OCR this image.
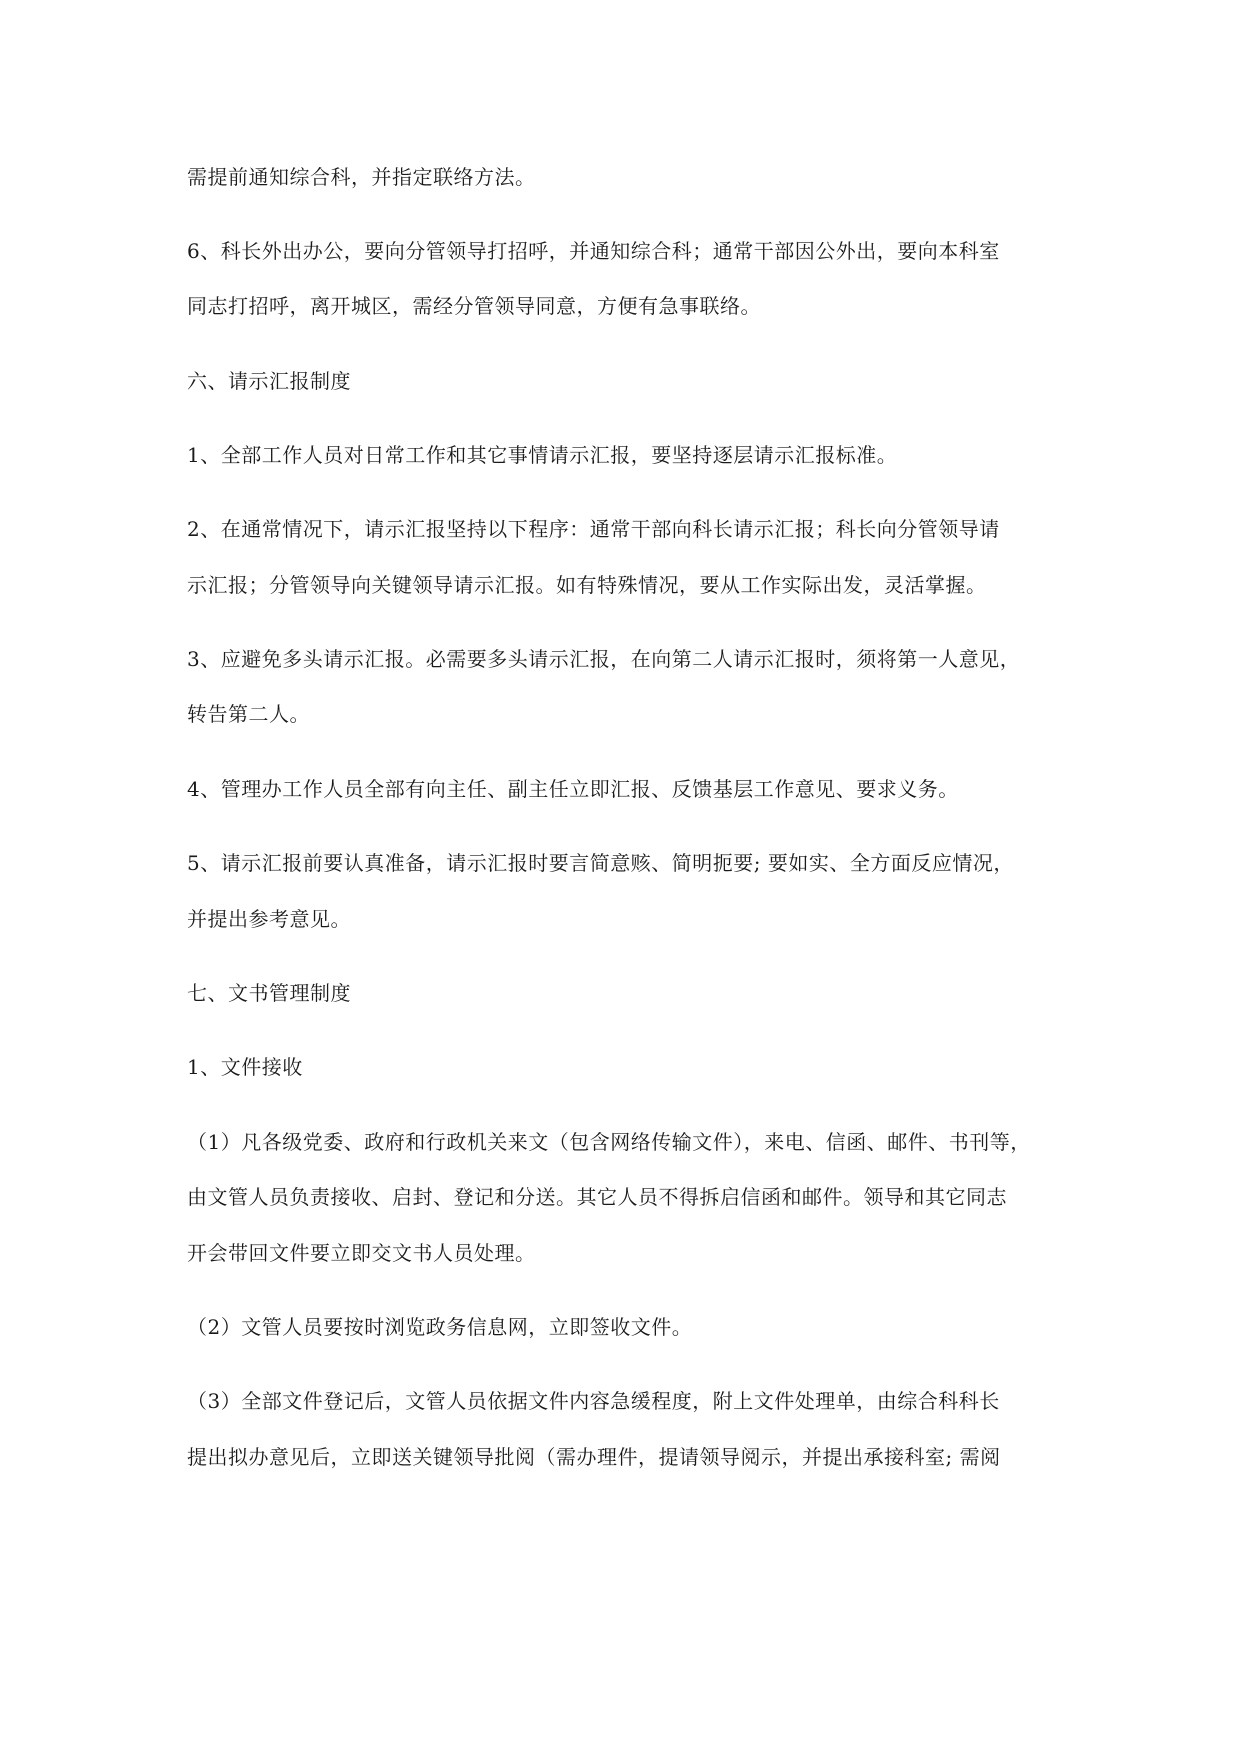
需提前通知综合科，并指定联络方法。
6、科长外出办公，要向分管领导打招呼，并通知综合科；通常干部因公外出，要向本科室
同志打招呼，离开城区，需经分管领导同意，方便有急事联络。
六、请示汇报制度
1、全部工作人员对日常工作和其它事情请示汇报，要坚持逐层请示汇报标准。
2、在通常情况下，请示汇报坚持以下程序：通常干部向科长请示汇报；科长向分管领导请
示汇报；分管领导向关键领导请示汇报。如有特殊情况，要从工作实际出发，灵活掌握。
3、应避免多头请示汇报。必需要多头请示汇报，在向第二人请示汇报时，须将第一人意见，
转告第二人。
4、管理办工作人员全部有向主任、副主任立即汇报、反馈基层工作意见、要求义务。
5、请示汇报前要认真准备，请示汇报时要言简意赅、简明扼要; 要如实、全方面反应情况，
并提出参考意见。
七、文书管理制度
1、文件接收
（1）凡各级党委、政府和行政机关来文（包含网络传输文件），来电、信函、邮件、书刊等，
由文管人员负责接收、启封、登记和分送。其它人员不得拆启信函和邮件。领导和其它同志
开会带回文件要立即交文书人员处理。
（2）文管人员要按时浏览政务信息网，立即签收文件。
（3）全部文件登记后，文管人员依据文件内容急缓程度，附上文件处理单，由综合科科长
提出拟办意见后，立即送关键领导批阅（需办理件，提请领导阅示，并提出承接科室; 需阅
